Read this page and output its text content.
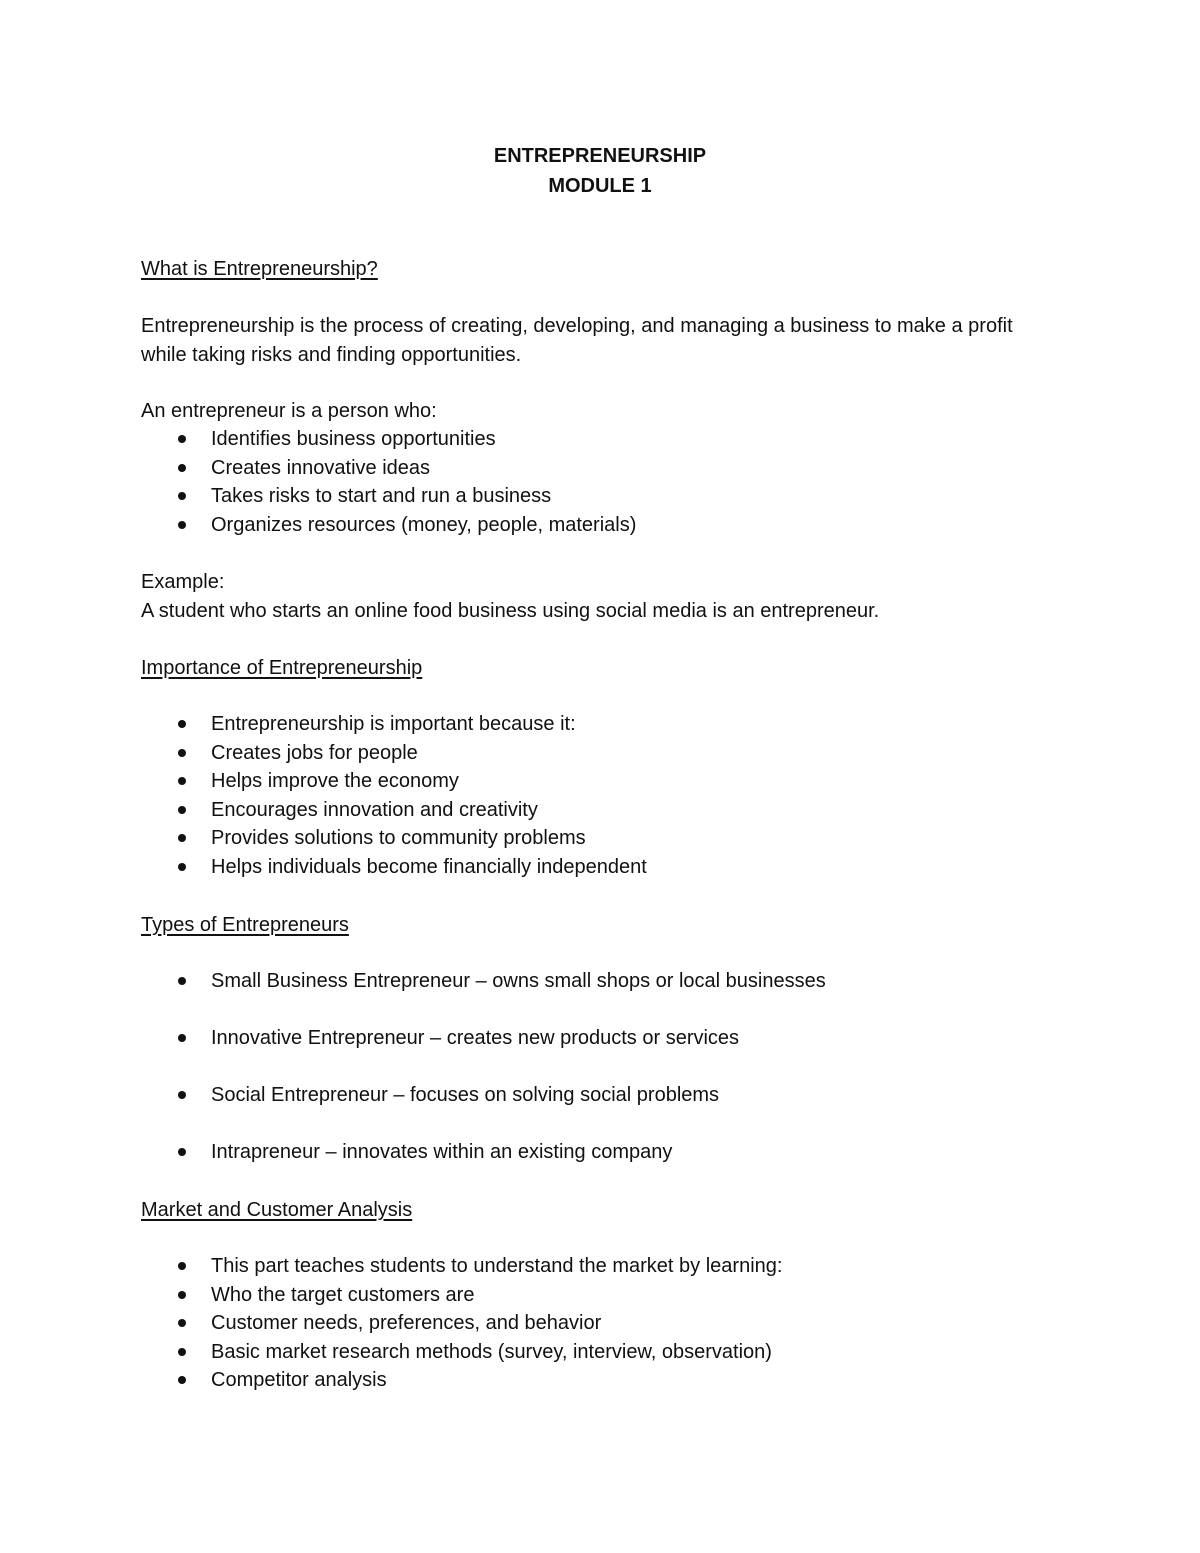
ENTREPRENEURSHIP
MODULE 1
What is Entrepreneurship?
Entrepreneurship is the process of creating, developing, and managing a business to make a profit while taking risks and finding opportunities.
An entrepreneur is a person who:
Identifies business opportunities
Creates innovative ideas
Takes risks to start and run a business
Organizes resources (money, people, materials)
Example:
A student who starts an online food business using social media is an entrepreneur.
Importance of Entrepreneurship
Entrepreneurship is important because it:
Creates jobs for people
Helps improve the economy
Encourages innovation and creativity
Provides solutions to community problems
Helps individuals become financially independent
Types of Entrepreneurs
Small Business Entrepreneur – owns small shops or local businesses
Innovative Entrepreneur – creates new products or services
Social Entrepreneur – focuses on solving social problems
Intrapreneur – innovates within an existing company
Market and Customer Analysis
This part teaches students to understand the market by learning:
Who the target customers are
Customer needs, preferences, and behavior
Basic market research methods (survey, interview, observation)
Competitor analysis
